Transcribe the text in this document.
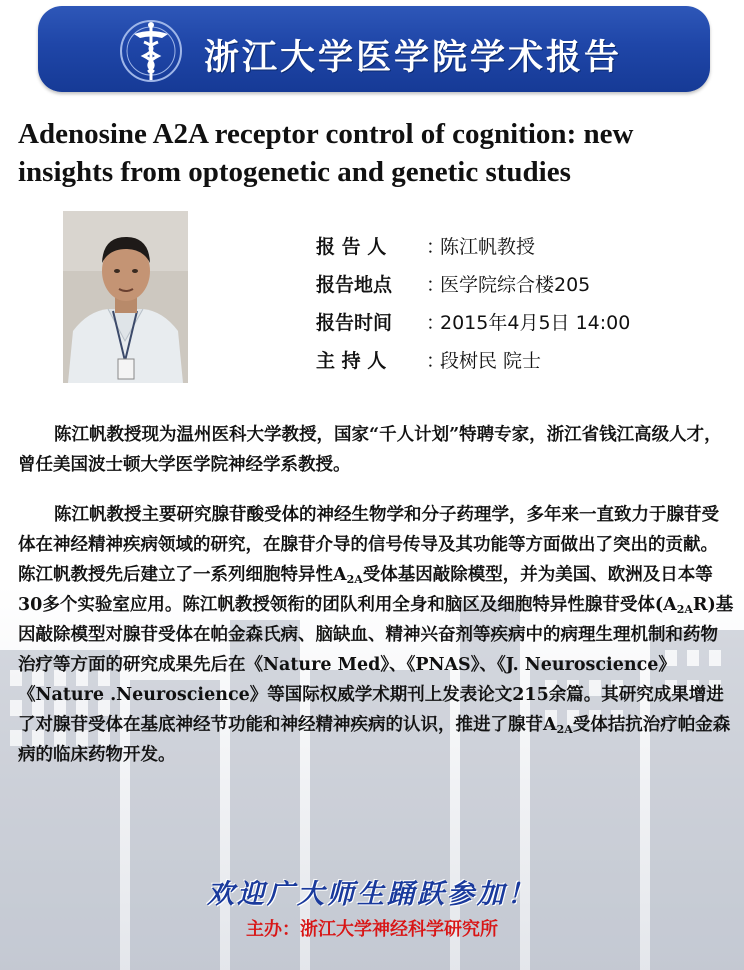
浙江大学医学院学术报告
Adenosine A2A receptor control of cognition: new insights from optogenetic and genetic studies
报 告 人	：
陈江帆教授
报告地点	：
医学院综合楼205
报告时间	：
2015年4月5日 14:00
主 持 人	：
段树民 院士

陈江帆教授现为温州医科大学教授，国家“千人计划”特聘专家，浙江省钱江高级人才，曾任美国波士顿大学医学院神经学系教授。

陈江帆教授主要研究腺苷酸受体的神经生物学和分子药理学，多年来一直致力于腺苷受体在神经精神疾病领域的研究，在腺苷介导的信号传导及其功能等方面做出了突出的贡献。陈江帆教授先后建立了一系列细胞特异性$A_{2A}$受体基因敲除模型，并为美国、欧洲及日本等30多个实验室应用。陈江帆教授领衔的团队利用全身和脑区及细胞特异性腺苷受体$(A_{2A}R)$基因敲除模型对腺苷受体在帕金森氏病、脑缺血、精神兴奋剂等疾病中的病理生理机制和药物治疗等方面的研究成果先后在《Nature Med》、《PNAS》、《J. Neuroscience》《Nature .Neuroscience》等国际权威学术期刊上发表论文215余篇。其研究成果增进了对腺苷受体在基底神经节功能和神经精神疾病的认识，推进了腺苷$A_{2A}$受体拮抗治疗帕金森病的临床药物开发。

欢迎广大师生踊跃参加！
主办：浙江大学神经科学研究所
